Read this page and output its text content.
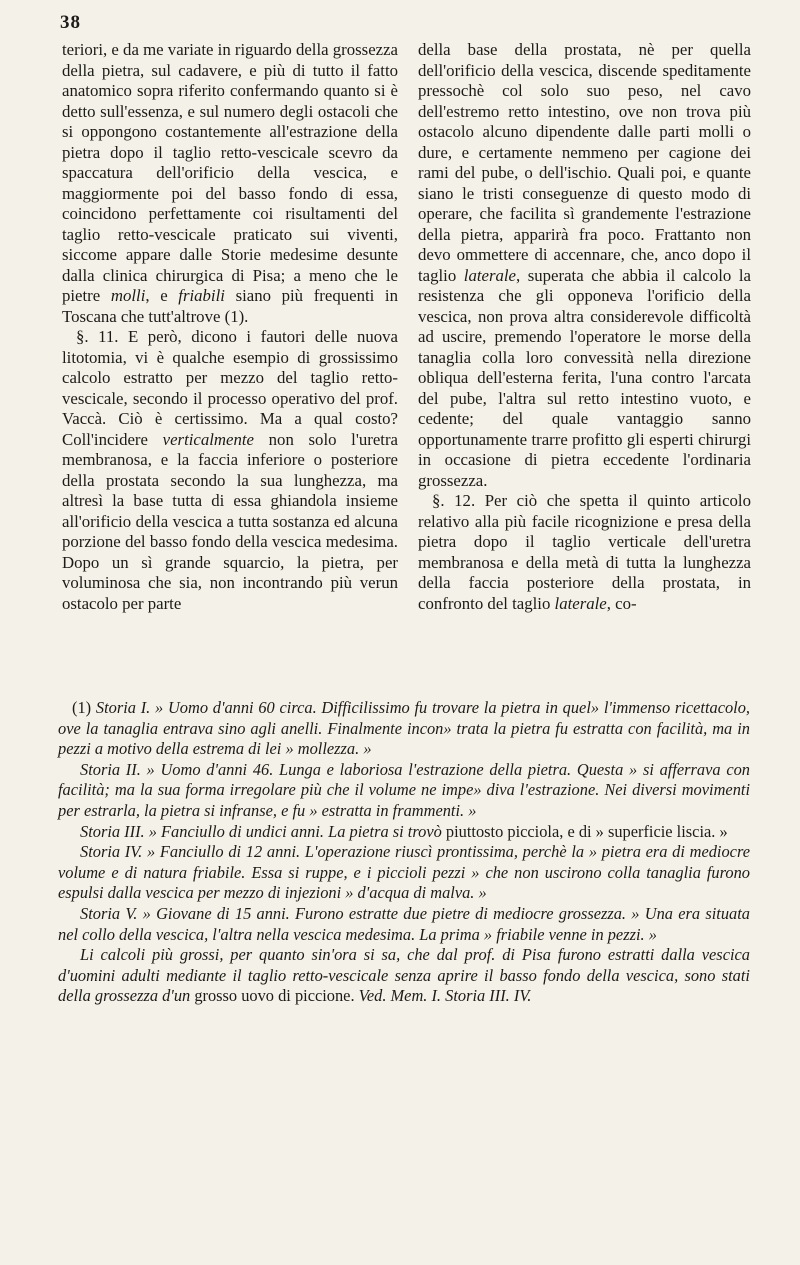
38

teriori, e da me variate in riguardo della grossezza della pietra, sul cadavere, e più di tutto il fatto anatomico sopra riferito confermando quanto si è detto sull'essenza, e sul numero degli ostacoli che si oppongono costantemente all'estrazione della pietra dopo il taglio retto-vescicale scevro da spaccatura dell'orificio della vescica, e maggiormente poi del basso fondo di essa, coincidono perfettamente coi risultamenti del taglio retto-vescicale praticato sui viventi, siccome appare dalle Storie medesime desunte dalla clinica chirurgica di Pisa; a meno che le pietre molli, e friabili siano più frequenti in Toscana che tutt'altrove (1).

§. 11. E però, dicono i fautori delle nuova litotomia, vi è qualche esempio di grossissimo calcolo estratto per mezzo del taglio retto-vescicale, secondo il processo operativo del prof. Vaccà. Ciò è certissimo. Ma a qual costo? Coll'incidere verticalmente non solo l'uretra membranosa, e la faccia inferiore o posteriore della prostata secondo la sua lunghezza, ma altresì la base tutta di essa ghiandola insieme all'orificio della vescica a tutta sostanza ed alcuna porzione del basso fondo della vescica medesima. Dopo un sì grande squarcio, la pietra, per voluminosa che sia, non incontrando più verun ostacolo per parte

della base della prostata, nè per quella dell'orificio della vescica, discende speditamente pressochè col solo suo peso, nel cavo dell'estremo retto intestino, ove non trova più ostacolo alcuno dipendente dalle parti molli o dure, e certamente nemmeno per cagione dei rami del pube, o dell'ischio. Quali poi, e quante siano le tristi conseguenze di questo modo di operare, che facilita sì grandemente l'estrazione della pietra, apparirà fra poco. Frattanto non devo ommettere di accennare, che, anco dopo il taglio laterale, superata che abbia il calcolo la resistenza che gli opponeva l'orificio della vescica, non prova altra considerevole difficoltà ad uscire, premendo l'operatore le morse della tanaglia colla loro convessità nella direzione obliqua dell'esterna ferita, l'una contro l'arcata del pube, l'altra sul retto intestino vuoto, e cedente; del quale vantaggio sanno opportunamente trarre profitto gli esperti chirurgi in occasione di pietra eccedente l'ordinaria grossezza.

§. 12. Per ciò che spetta il quinto articolo relativo alla più facile ricognizione e presa della pietra dopo il taglio verticale dell'uretra membranosa e della metà di tutta la lunghezza della faccia posteriore della prostata, in confronto del taglio laterale, co-

(1) Storia I. » Uomo d'anni 60 circa. Difficilissimo fu trovare la pietra in quel» l'immenso ricettacolo, ove la tanaglia entrava sino agli anelli. Finalmente incon» trata la pietra fu estratta con facilità, ma in pezzi a motivo della estrema di lei » mollezza. »

Storia II. » Uomo d'anni 46. Lunga e laboriosa l'estrazione della pietra. Questa » si afferrava con facilità; ma la sua forma irregolare più che il volume ne impe» diva l'estrazione. Nei diversi movimenti per estrarla, la pietra si infranse, e fu » estratta in frammenti. »

Storia III. » Fanciullo di undici anni. La pietra si trovò piuttosto picciola, e di » superficie liscia. »

Storia IV. » Fanciullo di 12 anni. L'operazione riuscì prontissima, perchè la » pietra era di mediocre volume e di natura friabile. Essa si ruppe, e i piccioli pezzi » che non uscirono colla tanaglia furono espulsi dalla vescica per mezzo di injezioni » d'acqua di malva. »

Storia V. » Giovane di 15 anni. Furono estratte due pietre di mediocre grossezza. » Una era situata nel collo della vescica, l'altra nella vescica medesima. La prima » friabile venne in pezzi. »

Li calcoli più grossi, per quanto sin'ora si sa, che dal prof. di Pisa furono estratti dalla vescica d'uomini adulti mediante il taglio retto-vescicale senza aprire il basso fondo della vescica, sono stati della grossezza d'un grosso uovo di piccione. Ved. Mem. I. Storia III. IV.
